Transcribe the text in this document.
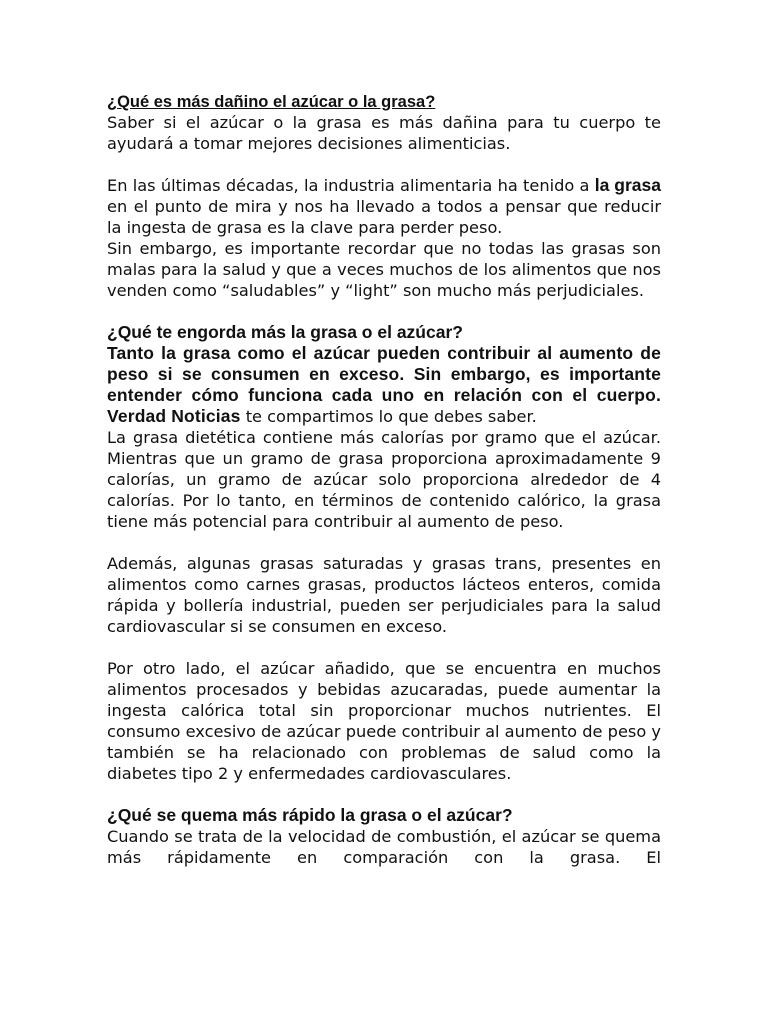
¿Qué es más dañino el azúcar o la grasa?

Saber si el azúcar o la grasa es más dañina para tu cuerpo te ayudará a tomar mejores decisiones alimenticias.

En las últimas décadas, la industria alimentaria ha tenido a la grasa en el punto de mira y nos ha llevado a todos a pensar que reducir la ingesta de grasa es la clave para perder peso.

Sin embargo, es importante recordar que no todas las grasas son malas para la salud y que a veces muchos de los alimentos que nos venden como “saludables” y “light” son mucho más perjudiciales.

¿Qué te engorda más la grasa o el azúcar?

Tanto la grasa como el azúcar pueden contribuir al aumento de peso si se consumen en exceso. Sin embargo, es importante entender cómo funciona cada uno en relación con el cuerpo. Verdad Noticias te compartimos lo que debes saber.

La grasa dietética contiene más calorías por gramo que el azúcar. Mientras que un gramo de grasa proporciona aproximadamente 9 calorías, un gramo de azúcar solo proporciona alrededor de 4 calorías. Por lo tanto, en términos de contenido calórico, la grasa tiene más potencial para contribuir al aumento de peso.

Además, algunas grasas saturadas y grasas trans, presentes en alimentos como carnes grasas, productos lácteos enteros, comida rápida y bollería industrial, pueden ser perjudiciales para la salud cardiovascular si se consumen en exceso.

Por otro lado, el azúcar añadido, que se encuentra en muchos alimentos procesados y bebidas azucaradas, puede aumentar la ingesta calórica total sin proporcionar muchos nutrientes. El consumo excesivo de azúcar puede contribuir al aumento de peso y también se ha relacionado con problemas de salud como la diabetes tipo 2 y enfermedades cardiovasculares.

¿Qué se quema más rápido la grasa o el azúcar?

Cuando se trata de la velocidad de combustión, el azúcar se quema más rápidamente en comparación con la grasa. El
